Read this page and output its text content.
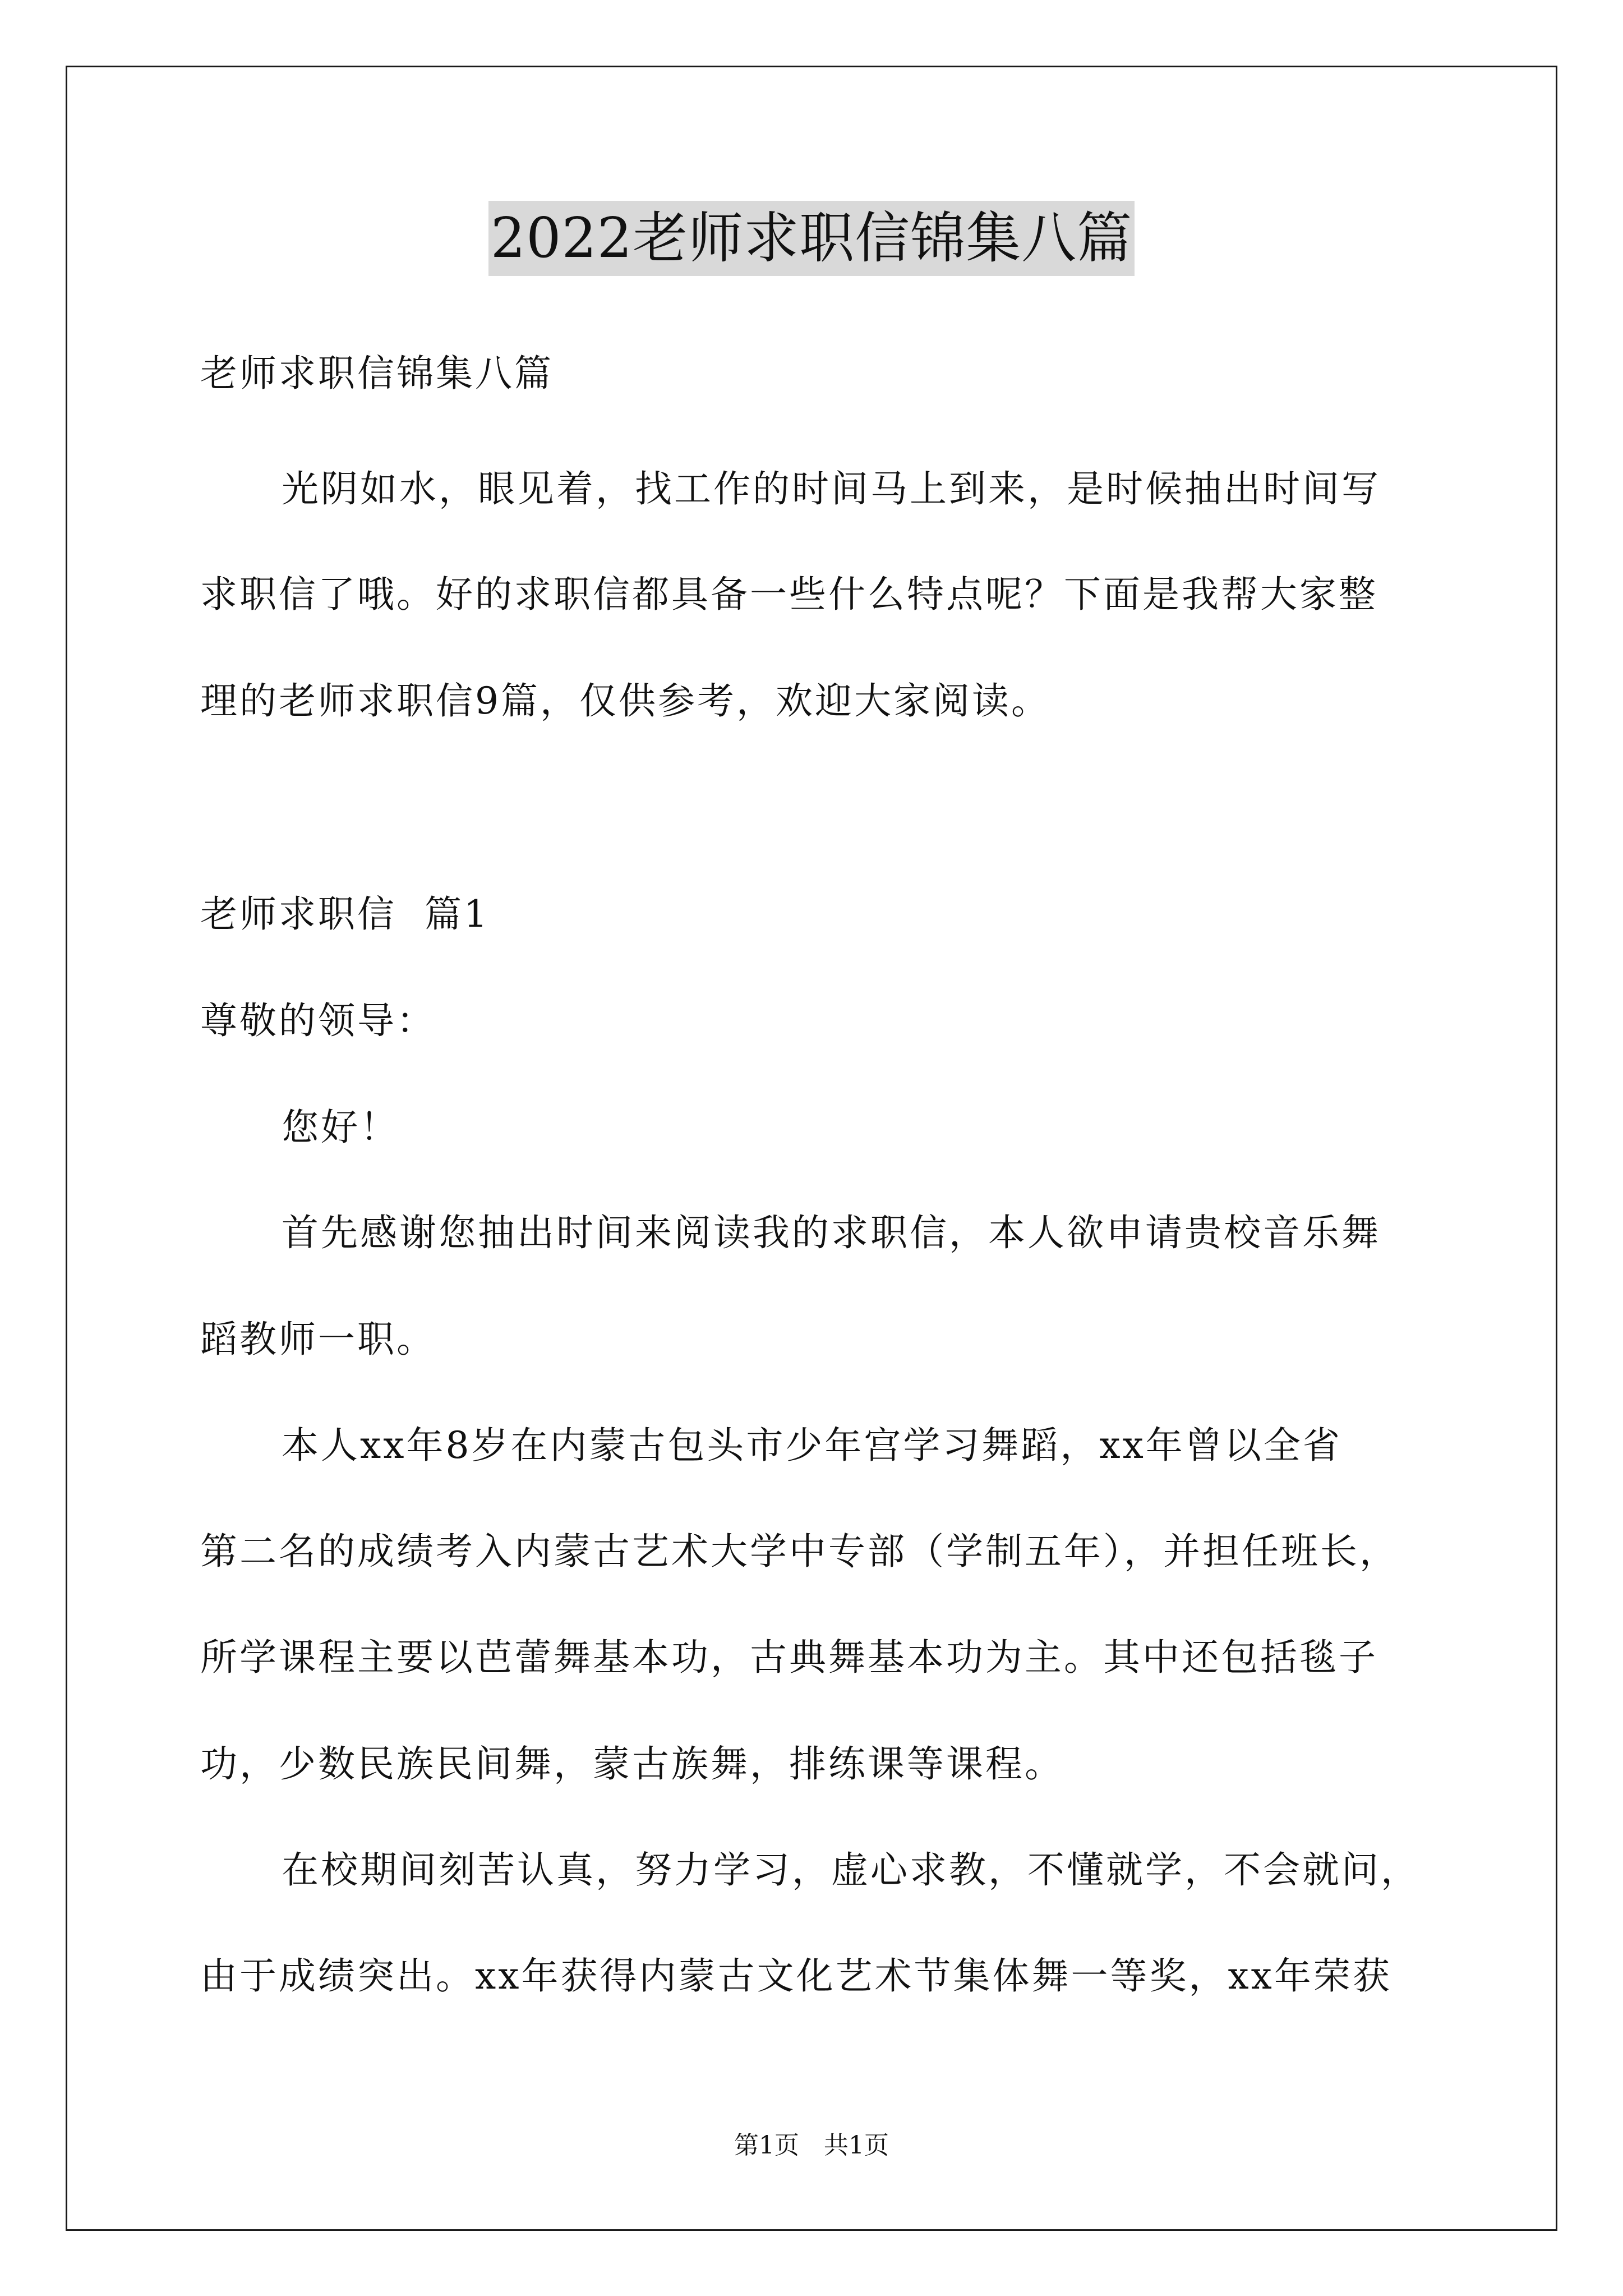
2022老师求职信锦集八篇
老师求职信锦集八篇
光阴如水，眼见着，找工作的时间马上到来，是时候抽出时间写
求职信了哦。好的求职信都具备一些什么特点呢？下面是我帮大家整
理的老师求职信9篇，仅供参考，欢迎大家阅读。
老师求职信  篇1
尊敬的领导：
您好！
首先感谢您抽出时间来阅读我的求职信，本人欲申请贵校音乐舞
蹈教师一职。
本人xx年8岁在内蒙古包头市少年宫学习舞蹈，xx年曾以全省
第二名的成绩考入内蒙古艺术大学中专部（学制五年），并担任班长，
所学课程主要以芭蕾舞基本功，古典舞基本功为主。其中还包括毯子
功，少数民族民间舞，蒙古族舞，排练课等课程。
在校期间刻苦认真，努力学习，虚心求教，不懂就学，不会就问，
由于成绩突出。xx年获得内蒙古文化艺术节集体舞一等奖，xx年荣获
第1页 共1页
